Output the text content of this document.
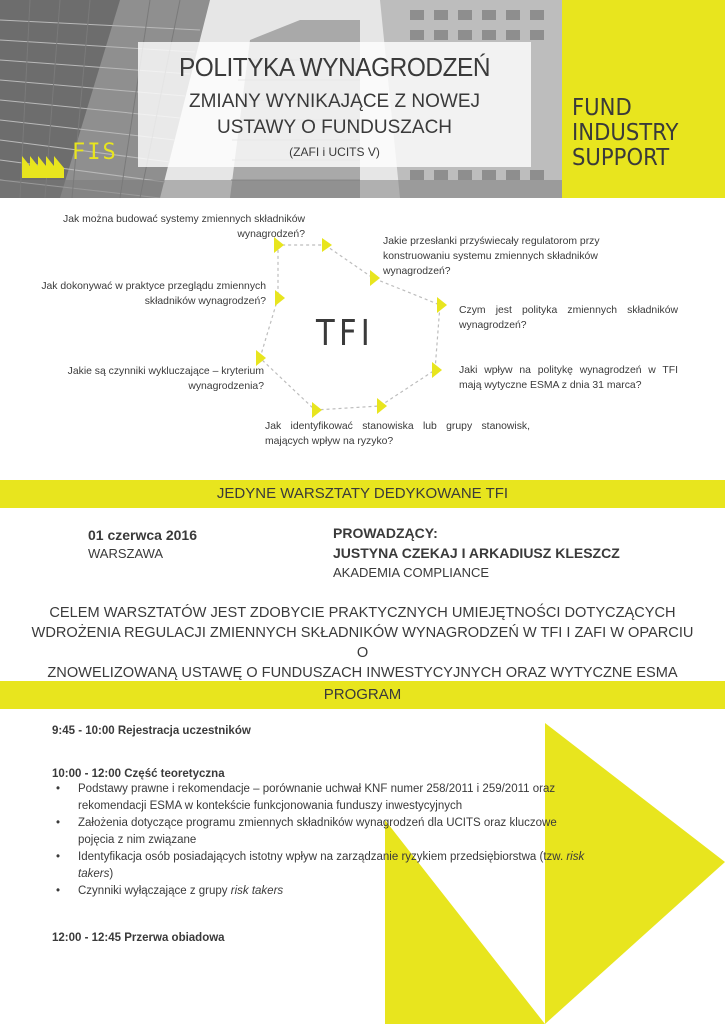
FUND
INDUSTRY
SUPPORT
FIS
POLITYKA WYNAGRODZEŃ
ZMIANY WYNIKAJĄCE Z NOWEJ
USTAWY O FUNDUSZACH
(ZAFI i UCITS V)
Jak można budować systemy zmiennych składników wynagrodzeń?
Jakie przesłanki przyświecały regulatorom przy konstruowaniu systemu zmiennych składników wynagrodzeń?
Jak dokonywać w praktyce przeglądu zmiennych składników wynagrodzeń?
Czym jest polityka zmiennych składników wynagrodzeń?
Jakie są czynniki wykluczające – kryterium wynagrodzenia?
Jaki wpływ na politykę wynagrodzeń w TFI mają wytyczne ESMA z dnia 31 marca?
Jak identyfikować stanowiska lub grupy stanowisk, mających wpływ na ryzyko?
TFI
JEDYNE WARSZTATY DEDYKOWANE TFI
01 czerwca 2016
WARSZAWA
PROWADZĄCY:
JUSTYNA CZEKAJ I ARKADIUSZ KLESZCZ
AKADEMIA COMPLIANCE
CELEM WARSZTATÓW JEST ZDOBYCIE PRAKTYCZNYCH UMIEJĘTNOŚCI DOTYCZĄCYCH
WDROŻENIA REGULACJI ZMIENNYCH SKŁADNIKÓW WYNAGRODZEŃ W TFI I ZAFI W OPARCIU O
ZNOWELIZOWANĄ USTAWĘ O FUNDUSZACH INWESTYCYJNYCH ORAZ WYTYCZNE ESMA
PROGRAM
9:45 - 10:00 Rejestracja uczestników
10:00 - 12:00 Część teoretyczna
• Podstawy prawne i rekomendacje – porównanie uchwał KNF numer 258/2011 i 259/2011 oraz rekomendacji ESMA w kontekście funkcjonowania funduszy inwestycyjnych
• Założenia dotyczące programu zmiennych składników wynagrodzeń dla UCITS oraz kluczowe pojęcia z nim związane
• Identyfikacja osób posiadających istotny wpływ na zarządzanie ryzykiem przedsiębiorstwa (tzw. risk takers)
• Czynniki wyłączające z grupy risk takers
12:00 - 12:45 Przerwa obiadowa
